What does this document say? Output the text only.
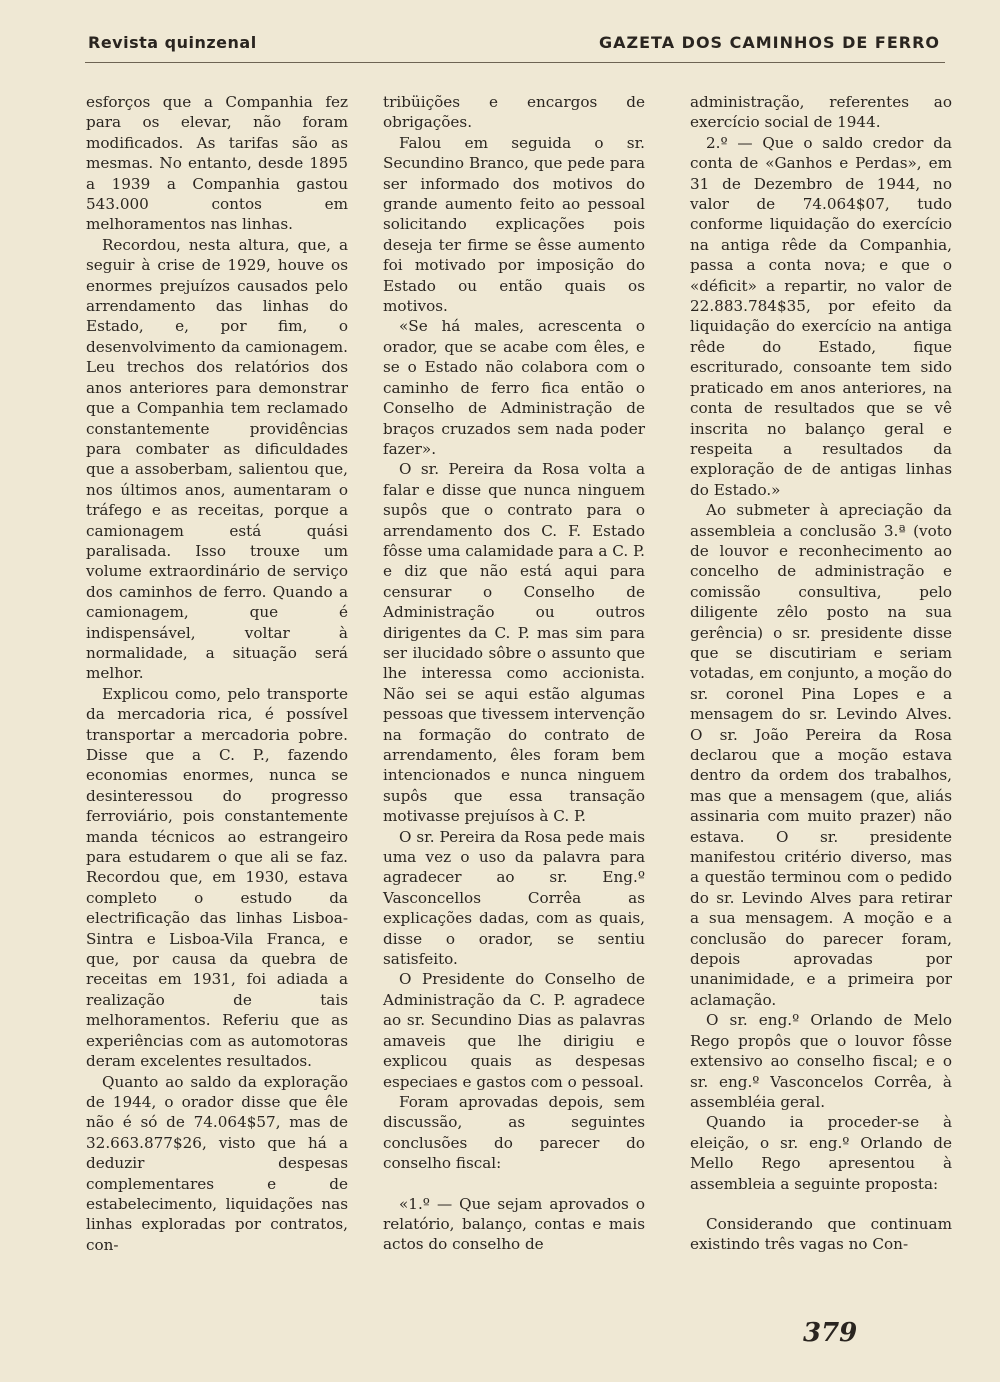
Revista quinzenal	GAZETA DOS CAMINHOS DE FERRO

esforços que a Companhia fez para os elevar, não foram modificados. As tarifas são as mesmas. No entanto, desde 1895 a 1939 a Companhia gastou 543.000 contos em melhoramentos nas linhas.

Recordou, nesta altura, que, a seguir à crise de 1929, houve os enormes prejuízos causados pelo arrendamento das linhas do Estado, e, por fim, o desenvolvimento da camionagem. Leu trechos dos relatórios dos anos anteriores para demonstrar que a Companhia tem reclamado constantemente providências para combater as dificuldades que a assoberbam, salientou que, nos últimos anos, aumentaram o tráfego e as receitas, porque a camionagem está quási paralisada. Isso trouxe um volume extraordinário de serviço dos caminhos de ferro. Quando a camionagem, que é indispensável, voltar à normalidade, a situação será melhor.

Explicou como, pelo transporte da mercadoria rica, é possível transportar a mercadoria pobre. Disse que a C. P., fazendo economias enormes, nunca se desinteressou do progresso ferroviário, pois constantemente manda técnicos ao estrangeiro para estudarem o que ali se faz. Recordou que, em 1930, estava completo o estudo da electrificação das linhas Lisboa-Sintra e Lisboa-Vila Franca, e que, por causa da quebra de receitas em 1931, foi adiada a realização de tais melhoramentos. Referiu que as experiências com as automotoras deram excelentes resultados.

Quanto ao saldo da exploração de 1944, o orador disse que êle não é só de 74.064$57, mas de 32.663.877$26, visto que há a deduzir despesas complementares e de estabelecimento, liquidações nas linhas exploradas por contratos, con-

tribüições e encargos de obrigações.

Falou em seguida o sr. Secundino Branco, que pede para ser informado dos motivos do grande aumento feito ao pessoal solicitando explicações pois deseja ter firme se êsse aumento foi motivado por imposição do Estado ou então quais os motivos.

«Se há males, acrescenta o orador, que se acabe com êles, e se o Estado não colabora com o caminho de ferro fica então o Conselho de Administração de braços cruzados sem nada poder fazer».

O sr. Pereira da Rosa volta a falar e disse que nunca ninguem supôs que o contrato para o arrendamento dos C. F. Estado fôsse uma calamidade para a C. P. e diz que não está aqui para censurar o Conselho de Administração ou outros dirigentes da C. P. mas sim para ser ilucidado sôbre o assunto que lhe interessa como accionista. Não sei se aqui estão algumas pessoas que tivessem intervenção na formação do contrato de arrendamento, êles foram bem intencionados e nunca ninguem supôs que essa transação motivasse prejuísos à C. P.

O sr. Pereira da Rosa pede mais uma vez o uso da palavra para agradecer ao sr. Eng.º Vasconcellos Corrêa as explicações dadas, com as quais, disse o orador, se sentiu satisfeito.

O Presidente do Conselho de Administração da C. P. agradece ao sr. Secundino Dias as palavras amaveis que lhe dirigiu e explicou quais as despesas especiaes e gastos com o pessoal.

Foram aprovadas depois, sem discussão, as seguintes conclusões do parecer do conselho fiscal:

«1.º — Que sejam aprovados o relatório, balanço, contas e mais actos do conselho de

administração, referentes ao exercício social de 1944.

2.º — Que o saldo credor da conta de «Ganhos e Perdas», em 31 de Dezembro de 1944, no valor de 74.064$07, tudo conforme liquidação do exercício na antiga rêde da Companhia, passa a conta nova; e que o «déficit» a repartir, no valor de 22.883.784$35, por efeito da liquidação do exercício na antiga rêde do Estado, fique escriturado, consoante tem sido praticado em anos anteriores, na conta de resultados que se vê inscrita no balanço geral e respeita a resultados da exploração de de antigas linhas do Estado.»

Ao submeter à apreciação da assembleia a conclusão 3.ª (voto de louvor e reconhecimento ao concelho de administração e comissão consultiva, pelo diligente zêlo posto na sua gerência) o sr. presidente disse que se discutiriam e seriam votadas, em conjunto, a moção do sr. coronel Pina Lopes e a mensagem do sr. Levindo Alves. O sr. João Pereira da Rosa declarou que a moção estava dentro da ordem dos trabalhos, mas que a mensagem (que, aliás assinaria com muito prazer) não estava. O sr. presidente manifestou critério diverso, mas a questão terminou com o pedido do sr. Levindo Alves para retirar a sua mensagem. A moção e a conclusão do parecer foram, depois aprovadas por unanimidade, e a primeira por aclamação.

O sr. eng.º Orlando de Melo Rego propôs que o louvor fôsse extensivo ao conselho fiscal; e o sr. eng.º Vasconcelos Corrêa, à assembléia geral.

Quando ia proceder-se à eleição, o sr. eng.º Orlando de Mello Rego apresentou à assembleia a seguinte proposta:

Considerando que continuam existindo três vagas no Con-

379
